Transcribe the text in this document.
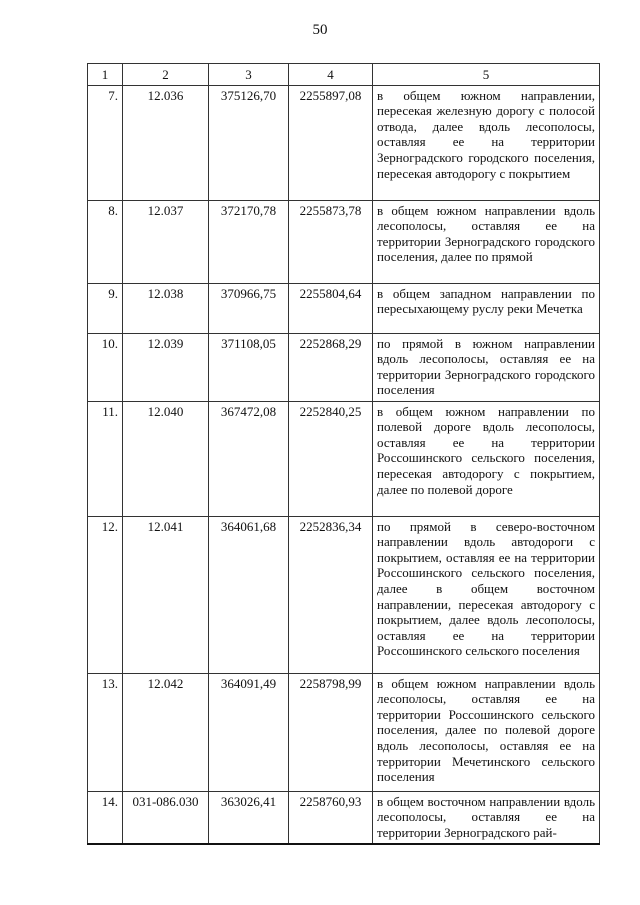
50
1	2	3	4	5
7.	12.036	375126,70	2255897,08	в общем южном направлении, пересекая железную дорогу с полосой отвода, далее вдоль лесополосы, оставляя ее на территории Зерноградского городского поселения, пересекая автодорогу с покрытием
8.	12.037	372170,78	2255873,78	в общем южном направлении вдоль лесополосы, оставляя ее на территории Зерноградского городского поселения, далее по прямой
9.	12.038	370966,75	2255804,64	в общем западном направлении по пересыхающему руслу реки Мечетка
10.	12.039	371108,05	2252868,29	по прямой в южном направлении вдоль лесополосы, оставляя ее на территории Зерноградского городского поселения
11.	12.040	367472,08	2252840,25	в общем южном направлении по полевой дороге вдоль лесополосы, оставляя ее на территории Россошинского сельского поселения, пересекая автодорогу с покрытием, далее по полевой дороге
12.	12.041	364061,68	2252836,34	по прямой в северо-восточном направлении вдоль автодороги с покрытием, оставляя ее на территории Россошинского сельского поселения, далее в общем восточном направлении, пересекая автодорогу с покрытием, далее вдоль лесополосы, оставляя ее на территории Россошинского сельского поселения
13.	12.042	364091,49	2258798,99	в общем южном направлении вдоль лесополосы, оставляя ее на территории Россошинского сельского поселения, далее по полевой дороге вдоль лесополосы, оставляя ее на территории Мечетинского сельского поселения
14.	031-086.030	363026,41	2258760,93	в общем восточном направлении вдоль лесополосы, оставляя ее на территории Зерноградского рай-
